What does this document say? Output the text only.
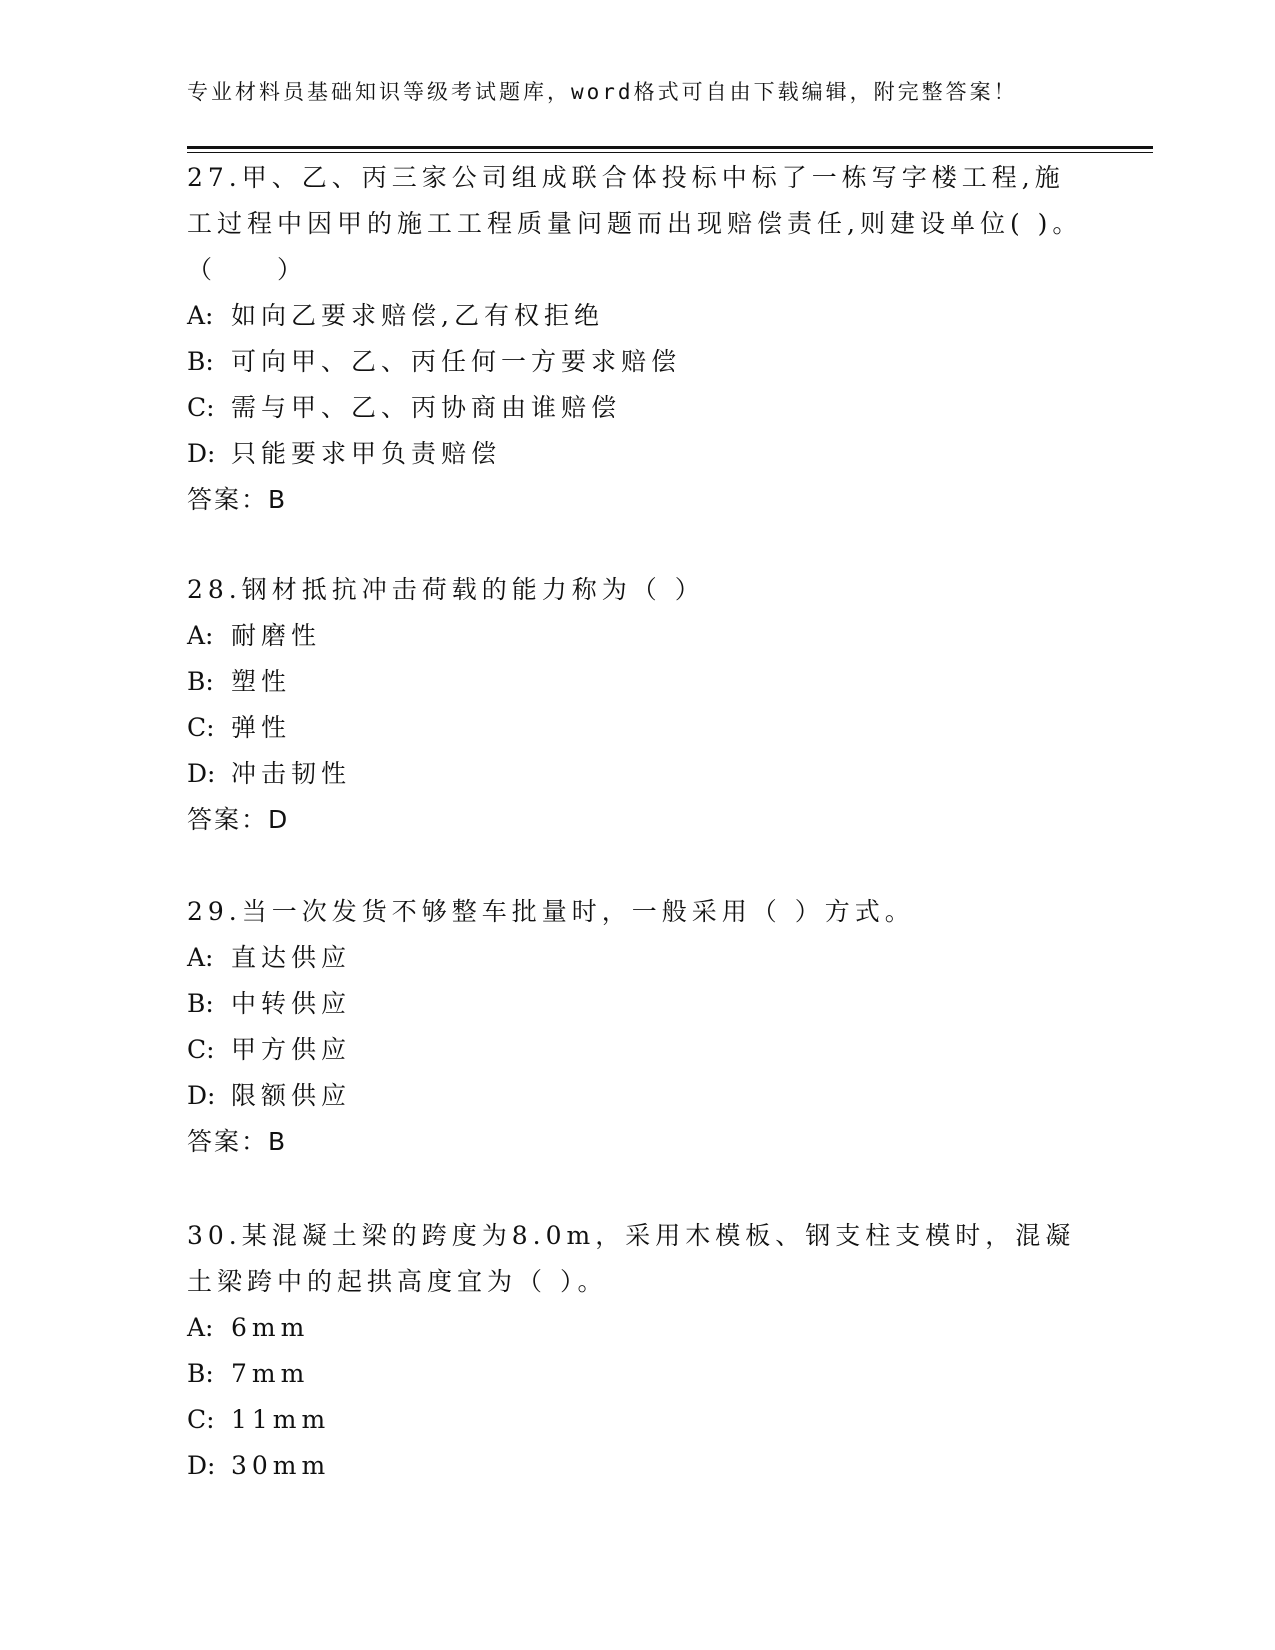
专业材料员基础知识等级考试题库，word格式可自由下载编辑，附完整答案！

27.甲、乙、丙三家公司组成联合体投标中标了一栋写字楼工程,施工过程中因甲的施工工程质量问题而出现赔偿责任,则建设单位( )。（　　）

A: 如向乙要求赔偿,乙有权拒绝

B: 可向甲、乙、丙任何一方要求赔偿

C: 需与甲、乙、丙协商由谁赔偿

D: 只能要求甲负责赔偿

答案：B

28.钢材抵抗冲击荷载的能力称为（ ）

A: 耐磨性

B: 塑性

C: 弹性

D: 冲击韧性

答案：D

29.当一次发货不够整车批量时，一般采用（ ）方式。

A: 直达供应

B: 中转供应

C: 甲方供应

D: 限额供应

答案：B

30.某混凝土梁的跨度为8.0m，采用木模板、钢支柱支模时，混凝土梁跨中的起拱高度宜为（ ）。

A: 6mm

B: 7mm

C: 11mm

D: 30mm
